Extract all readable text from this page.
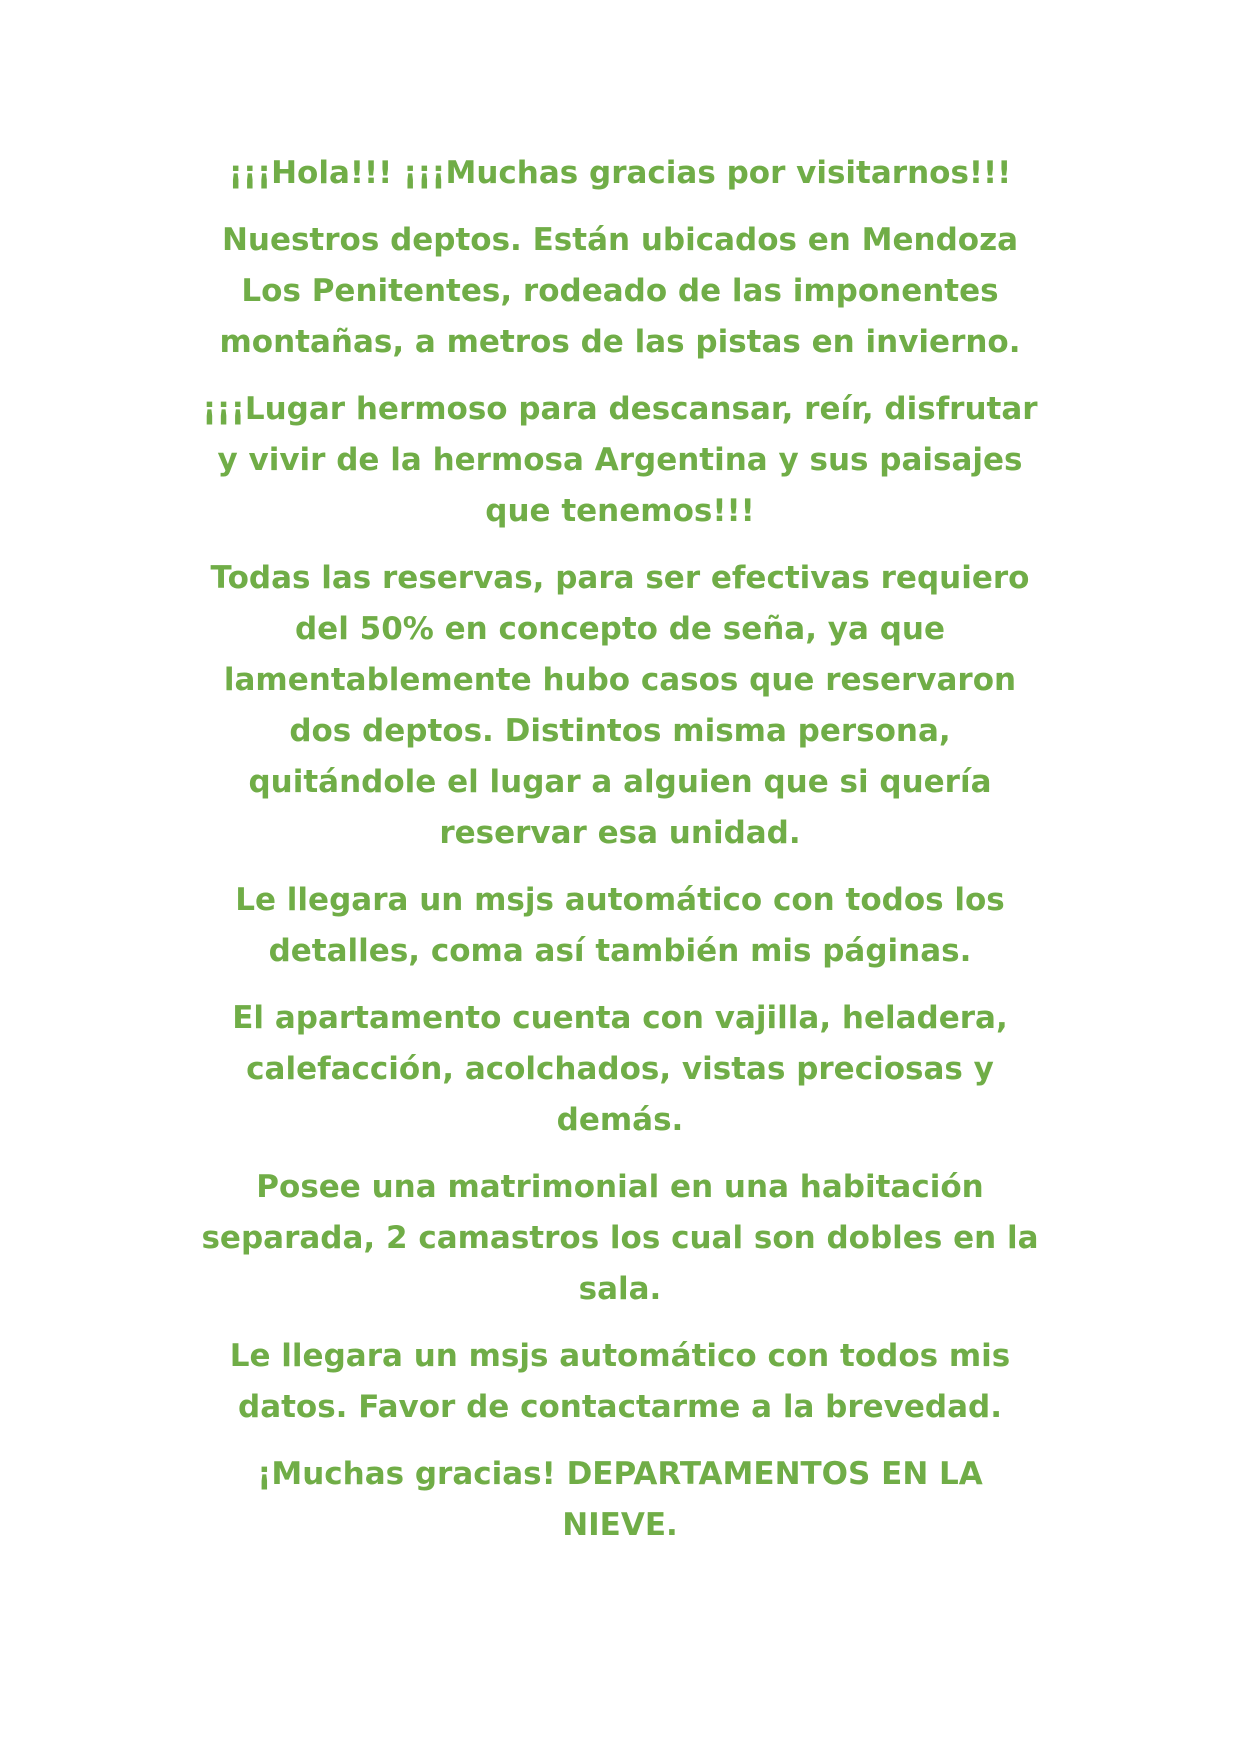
¡¡¡Hola!!! ¡¡¡Muchas gracias por visitarnos!!!

Nuestros deptos. Están ubicados en Mendoza
Los Penitentes, rodeado de las imponentes
montañas, a metros de las pistas en invierno.

¡¡¡Lugar hermoso para descansar, reír, disfrutar
y vivir de la hermosa Argentina y sus paisajes
que tenemos!!!

Todas las reservas, para ser efectivas requiero
del 50% en concepto de seña, ya que
lamentablemente hubo casos que reservaron
dos deptos. Distintos misma persona,
quitándole el lugar a alguien que si quería
reservar esa unidad.

Le llegara un msjs automático con todos los
detalles, coma así también mis páginas.

El apartamento cuenta con vajilla, heladera,
calefacción, acolchados, vistas preciosas y
demás.

Posee una matrimonial en una habitación
separada, 2 camastros los cual son dobles en la
sala.

Le llegara un msjs automático con todos mis
datos. Favor de contactarme a la brevedad.

¡Muchas gracias! DEPARTAMENTOS EN LA
NIEVE.
